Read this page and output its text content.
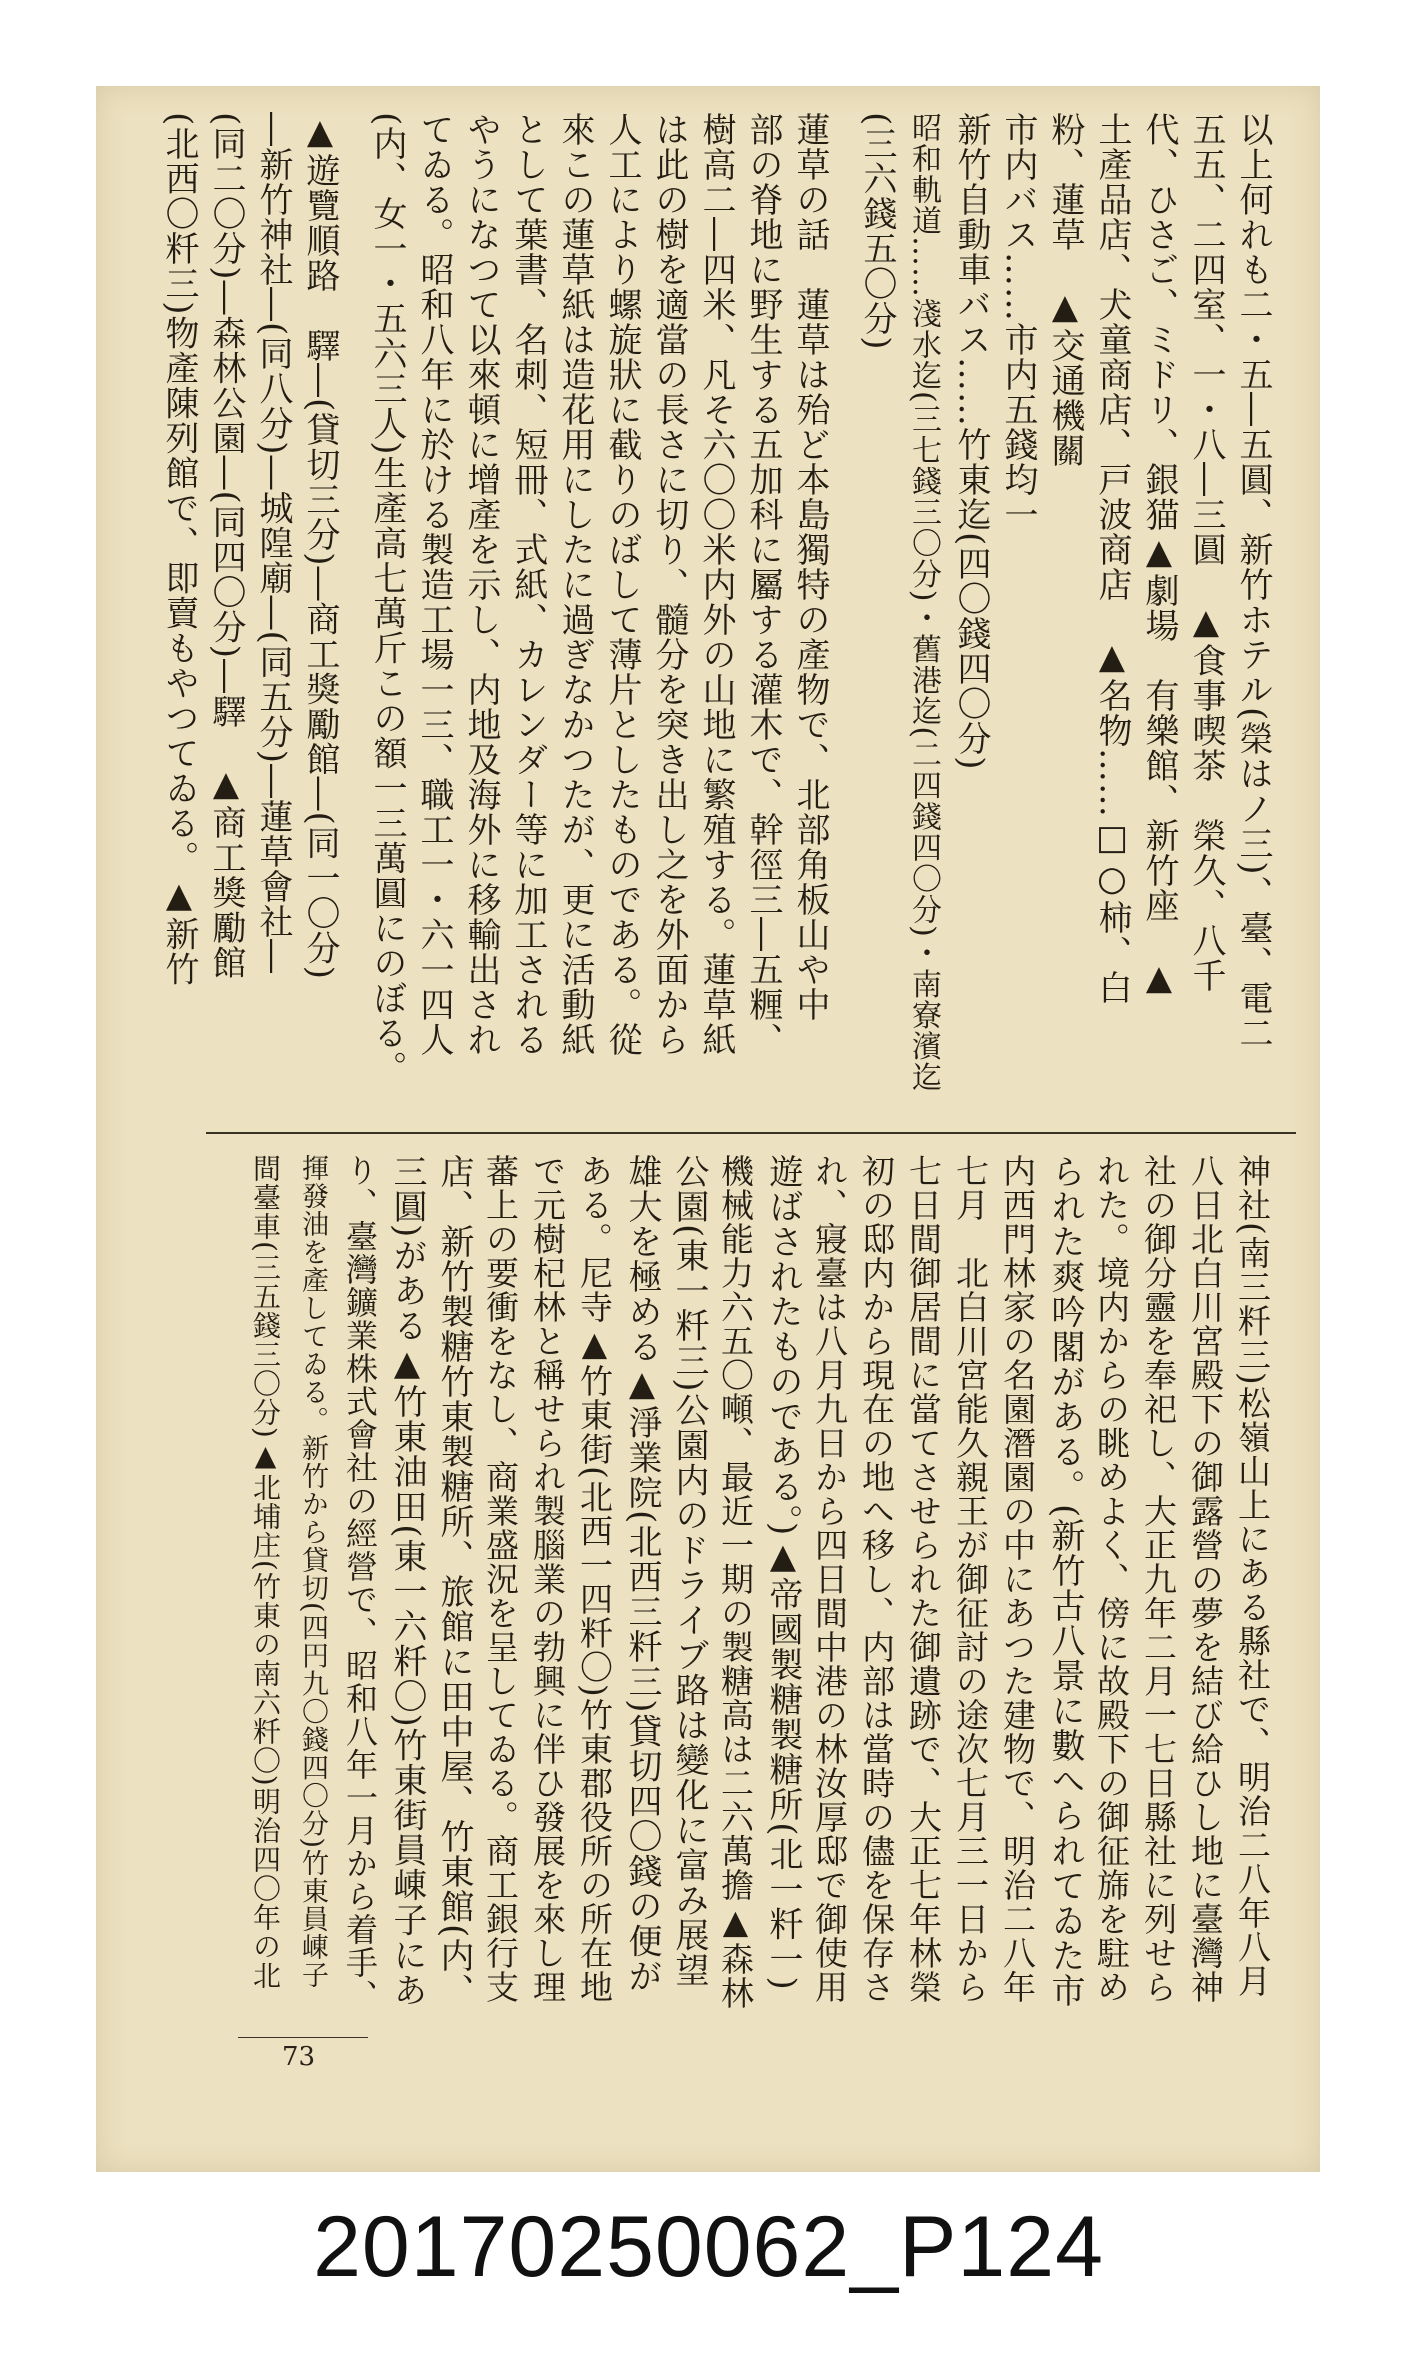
以上何れも二・五―五圓、新竹ホテル(榮はノ三)、臺、電二
五五、二四室、一・八―三圓　▲食事喫茶　榮久、八千
代、ひさご、ミドリ、銀猫▲劇場　有樂館、新竹座　▲
土產品店、犬童商店、戸波商店　▲名物……□○柿、白
粉、蓮草　▲交通機關
市内バス……市内五錢均一
新竹自動車バス……竹東迄(四〇錢四〇分)
昭和軌道……淺水迄(三七錢三〇分)・舊港迄(二四錢四〇分)・南寮濱迄
(三六錢五〇分)
蓮草の話　蓮草は殆ど本島獨特の產物で、北部角板山や中
部の脊地に野生する五加科に屬する灌木で、幹徑三―五糎、
樹高二―四米、凡そ六〇〇米内外の山地に繁殖する。蓮草紙
は此の樹を適當の長さに切り、髓分を突き出し之を外面から
人工により螺旋狀に截りのばして薄片としたものである。從
來この蓮草紙は造花用にしたに過ぎなかつたが、更に活動紙
として葉書、名刺、短冊、式紙、カレンダー等に加工される
やうになつて以來頓に增產を示し、内地及海外に移輸出され
てゐる。昭和八年に於ける製造工場一三、職工一・六一四人
(内、女一・五六三人)生產高七萬斤この額一三萬圓にのぼる。
▲遊覽順路　驛―(貸切三分)―商工獎勵館―(同一〇分)
―新竹神社―(同八分)―城隍廟―(同五分)―蓮草會社―
(同二〇分)―森林公園―(同四〇分)―驛　▲商工獎勵館
(北西〇粁三)物產陳列館で、即賣もやつてゐる。▲新竹
神社(南三粁三)松嶺山上にある縣社で、明治二八年八月
八日北白川宮殿下の御露營の夢を結び給ひし地に臺灣神
社の御分靈を奉祀し、大正九年二月一七日縣社に列せら
れた。境内からの眺めよく、傍に故殿下の御征旆を駐め
られた爽吟閣がある。(新竹古八景に數へられてゐた市
内西門林家の名園潛園の中にあつた建物で、明治二八年
七月　北白川宮能久親王が御征討の途次七月三一日から
七日間御居間に當てさせられた御遺跡で、大正七年林榮
初の邸内から現在の地へ移し、内部は當時の儘を保存さ
れ、寢臺は八月九日から四日間中港の林汝厚邸で御使用
遊ばされたものである。)▲帝國製糖製糖所(北一粁一)
機械能力六五〇噸、最近一期の製糖高は二六萬擔▲森林
公園(東一粁三)公園内のドライブ路は變化に富み展望
雄大を極める▲淨業院(北西三粁三)貸切四〇錢の便が
ある。尼寺▲竹東街(北西一四粁〇)竹東郡役所の所在地
で元樹杞林と稱せられ製腦業の勃興に伴ひ發展を來し理
蕃上の要衝をなし、商業盛況を呈してゐる。商工銀行支
店、新竹製糖竹東製糖所、旅館に田中屋、竹東館(内、
三圓)がある▲竹東油田(東一六粁〇)竹東街員崠子にあ
り、臺灣鑛業株式會社の經營で、昭和八年一月から着手、
揮發油を產してゐる。新竹から貸切(四円九〇錢四〇分)竹東員崠子
間臺車(三五錢三〇分)▲北埔庄(竹東の南六粁〇)明治四〇年の北
73
20170250062_P124
